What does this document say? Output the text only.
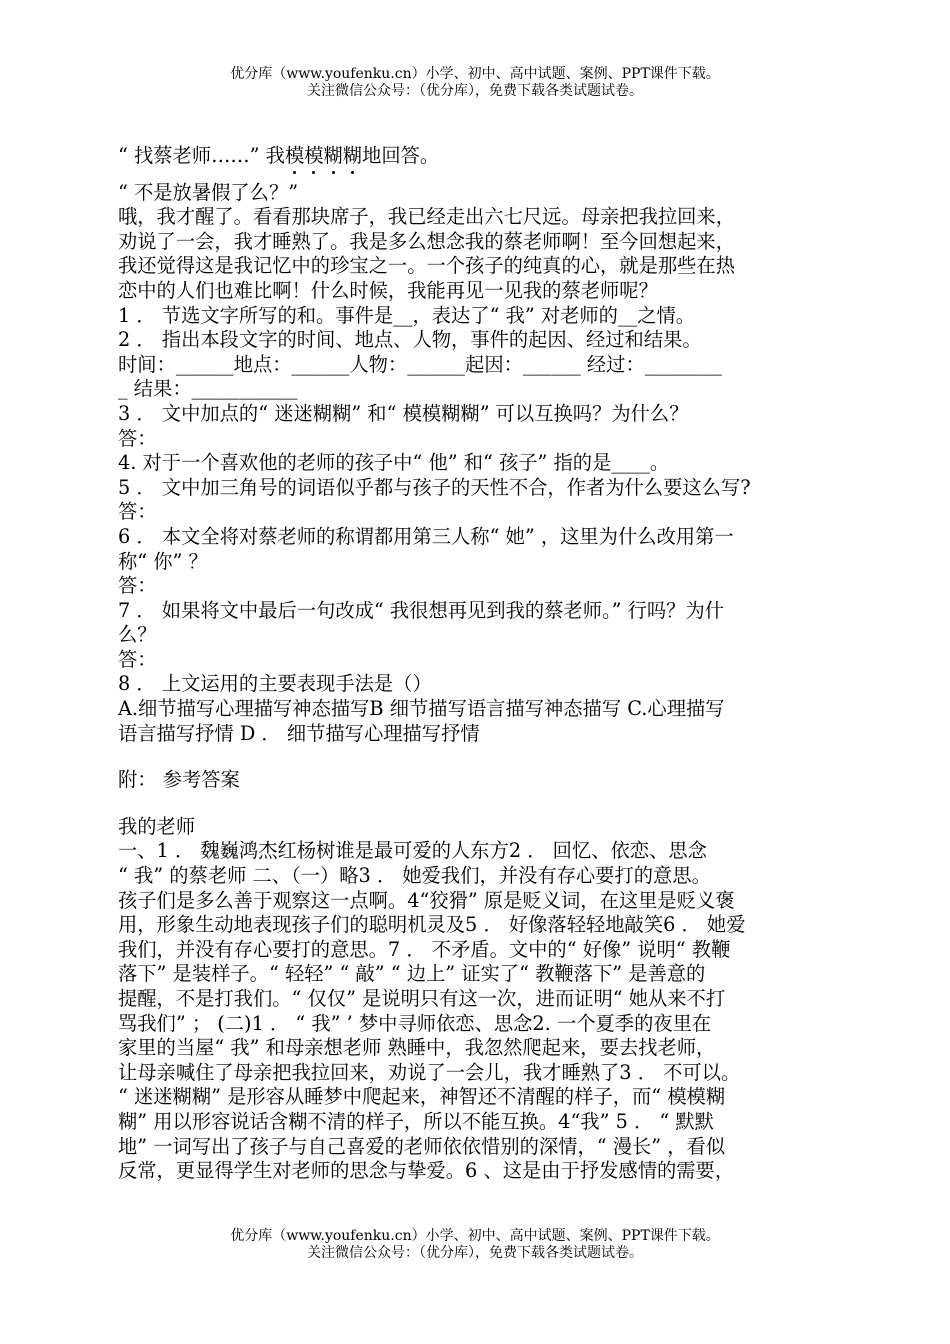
优分库（www.youfenku.cn）小学、初中、高中试题、案例、PPT课件下载。
关注微信公众号：（优分库），免费下载各类试题试卷。

“ 找蔡老师……” 我模模糊糊地回答。

“ 不是放暑假了么？”

哦，我才醒了。看看那块席子，我已经走出六七尺远。母亲把我拉回来，

劝说了一会，我才睡熟了。我是多么想念我的蔡老师啊！至今回想起来，

我还觉得这是我记忆中的珍宝之一。一个孩子的纯真的心，就是那些在热

恋中的人们也难比啊！什么时候，我能再见一见我的蔡老师呢？

1 ． 节选文字所写的和。事件是__，表达了“ 我” 对老师的__之情。

2 ． 指出本段文字的时间、地点、人物，事件的起因、经过和结果。

时间：______地点：______人物：______起因：______ 经过：________

_ 结果：___________

3 ． 文中加点的“ 迷迷糊糊” 和“ 模模糊糊” 可以互换吗？为什么？

答：

4. 对于一个喜欢他的老师的孩子中“ 他” 和“ 孩子” 指的是____。

5 ． 文中加三角号的词语似乎都与孩子的天性不合，作者为什么要这么写?

答：

6 ． 本文全将对蔡老师的称谓都用第三人称“ 她” ，这里为什么改用第一

称“ 你” ？

答：

7 ． 如果将文中最后一句改成“ 我很想再见到我的蔡老师。” 行吗？为什

么？

答：

8 ． 上文运用的主要表现手法是（）

A.细节描写心理描写神态描写B 细节描写语言描写神态描写 C.心理描写

语言描写抒情 D ． 细节描写心理描写抒情

附： 参考答案

我的老师

一、1 ． 魏巍鸿杰红杨树谁是最可爱的人东方2 ． 回忆、依恋、思念

“ 我” 的蔡老师 二、（一）略3 ． 她爱我们，并没有存心要打的意思。

孩子们是多么善于观察这一点啊。4“狡猾” 原是贬义词，在这里是贬义褒

用，形象生动地表现孩子们的聪明机灵及5 ． 好像落轻轻地敲笑6 ． 她爱

我们，并没有存心要打的意思。7 ． 不矛盾。文中的“ 好像” 说明“ 教鞭

落下” 是装样子。“ 轻轻” “ 敲” “ 边上” 证实了“ 教鞭落下” 是善意的

提醒，不是打我们。“ 仅仅” 是说明只有这一次，进而证明“ 她从来不打

骂我们” ； (二)1 ． “ 我” ’ 梦中寻师依恋、思念2. 一个夏季的夜里在

家里的当屋“ 我” 和母亲想老师 熟睡中，我忽然爬起来，要去找老师，

让母亲喊住了母亲把我拉回来，劝说了一会儿，我才睡熟了3 ． 不可以。

“ 迷迷糊糊” 是形容从睡梦中爬起来，神智还不清醒的样子，而“ 模模糊

糊” 用以形容说话含糊不清的样子，所以不能互换。4“我” 5 ． “ 默默

地” 一词写出了孩子与自己喜爱的老师依依惜别的深情，“ 漫长” ，看似

反常，更显得学生对老师的思念与挚爱。6 、这是由于抒发感情的需要，

优分库（www.youfenku.cn）小学、初中、高中试题、案例、PPT课件下载。
关注微信公众号：（优分库），免费下载各类试题试卷。
